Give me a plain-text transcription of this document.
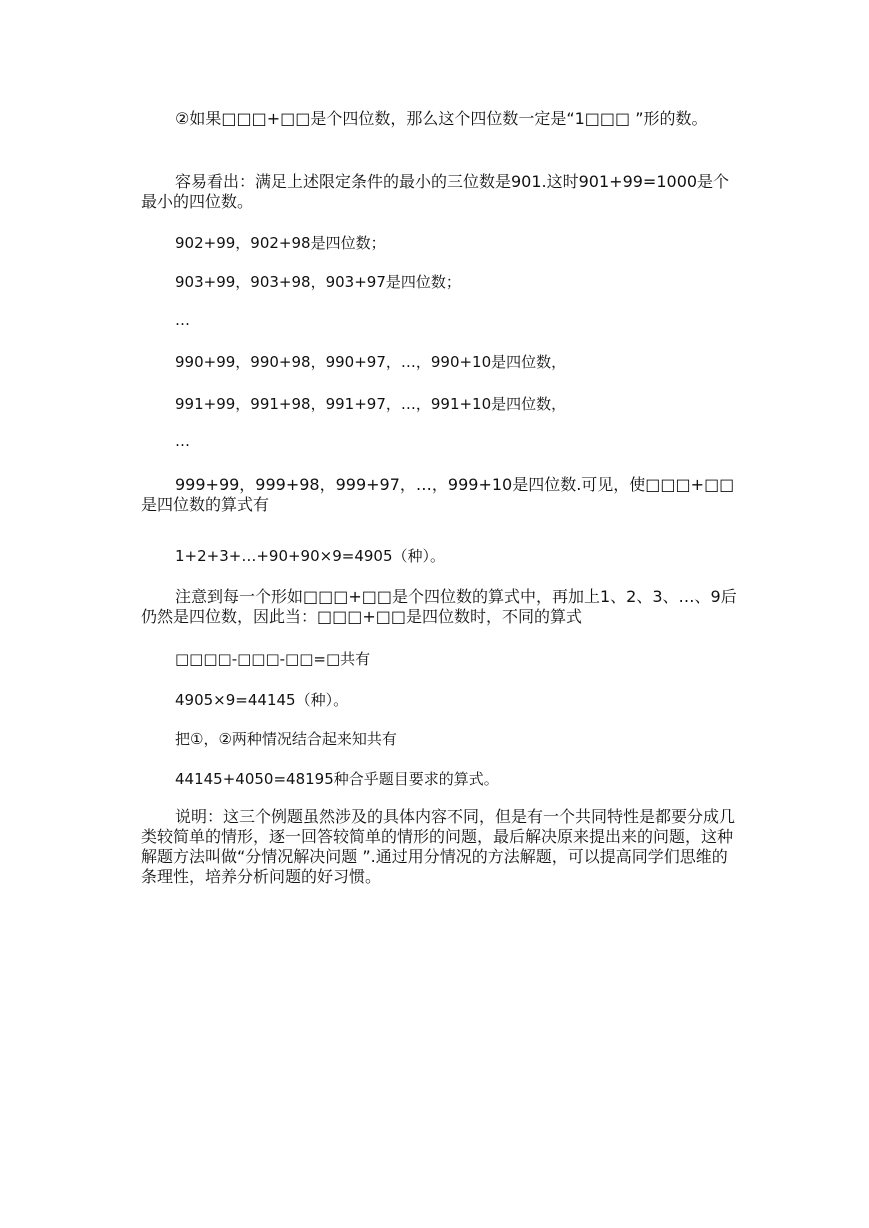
②如果□□□+□□是个四位数，那么这个四位数一定是“1□□□ ”形的数。

容易看出：满足上述限定条件的最小的三位数是901.这时901+99=1000是个最小的四位数。

902+99，902+98是四位数；

903+99，903+98，903+97是四位数；

…

990+99，990+98，990+97，…，990+10是四位数，

991+99，991+98，991+97，…，991+10是四位数，

…

999+99，999+98，999+97，…，999+10是四位数.可见，使□□□+□□是四位数的算式有

1+2+3+…+90+90×9=4905（种）。

注意到每一个形如□□□+□□是个四位数的算式中，再加上1、2、3、…、9后仍然是四位数，因此当：□□□+□□是四位数时，不同的算式

□□□□-□□□-□□=□共有

4905×9=44145（种）。

把①，②两种情况结合起来知共有

44145+4050=48195种合乎题目要求的算式。

说明：这三个例题虽然涉及的具体内容不同，但是有一个共同特性是都要分成几类较简单的情形，逐一回答较简单的情形的问题，最后解决原来提出来的问题，这种解题方法叫做“分情况解决问题 ”.通过用分情况的方法解题，可以提高同学们思维的条理性，培养分析问题的好习惯。
